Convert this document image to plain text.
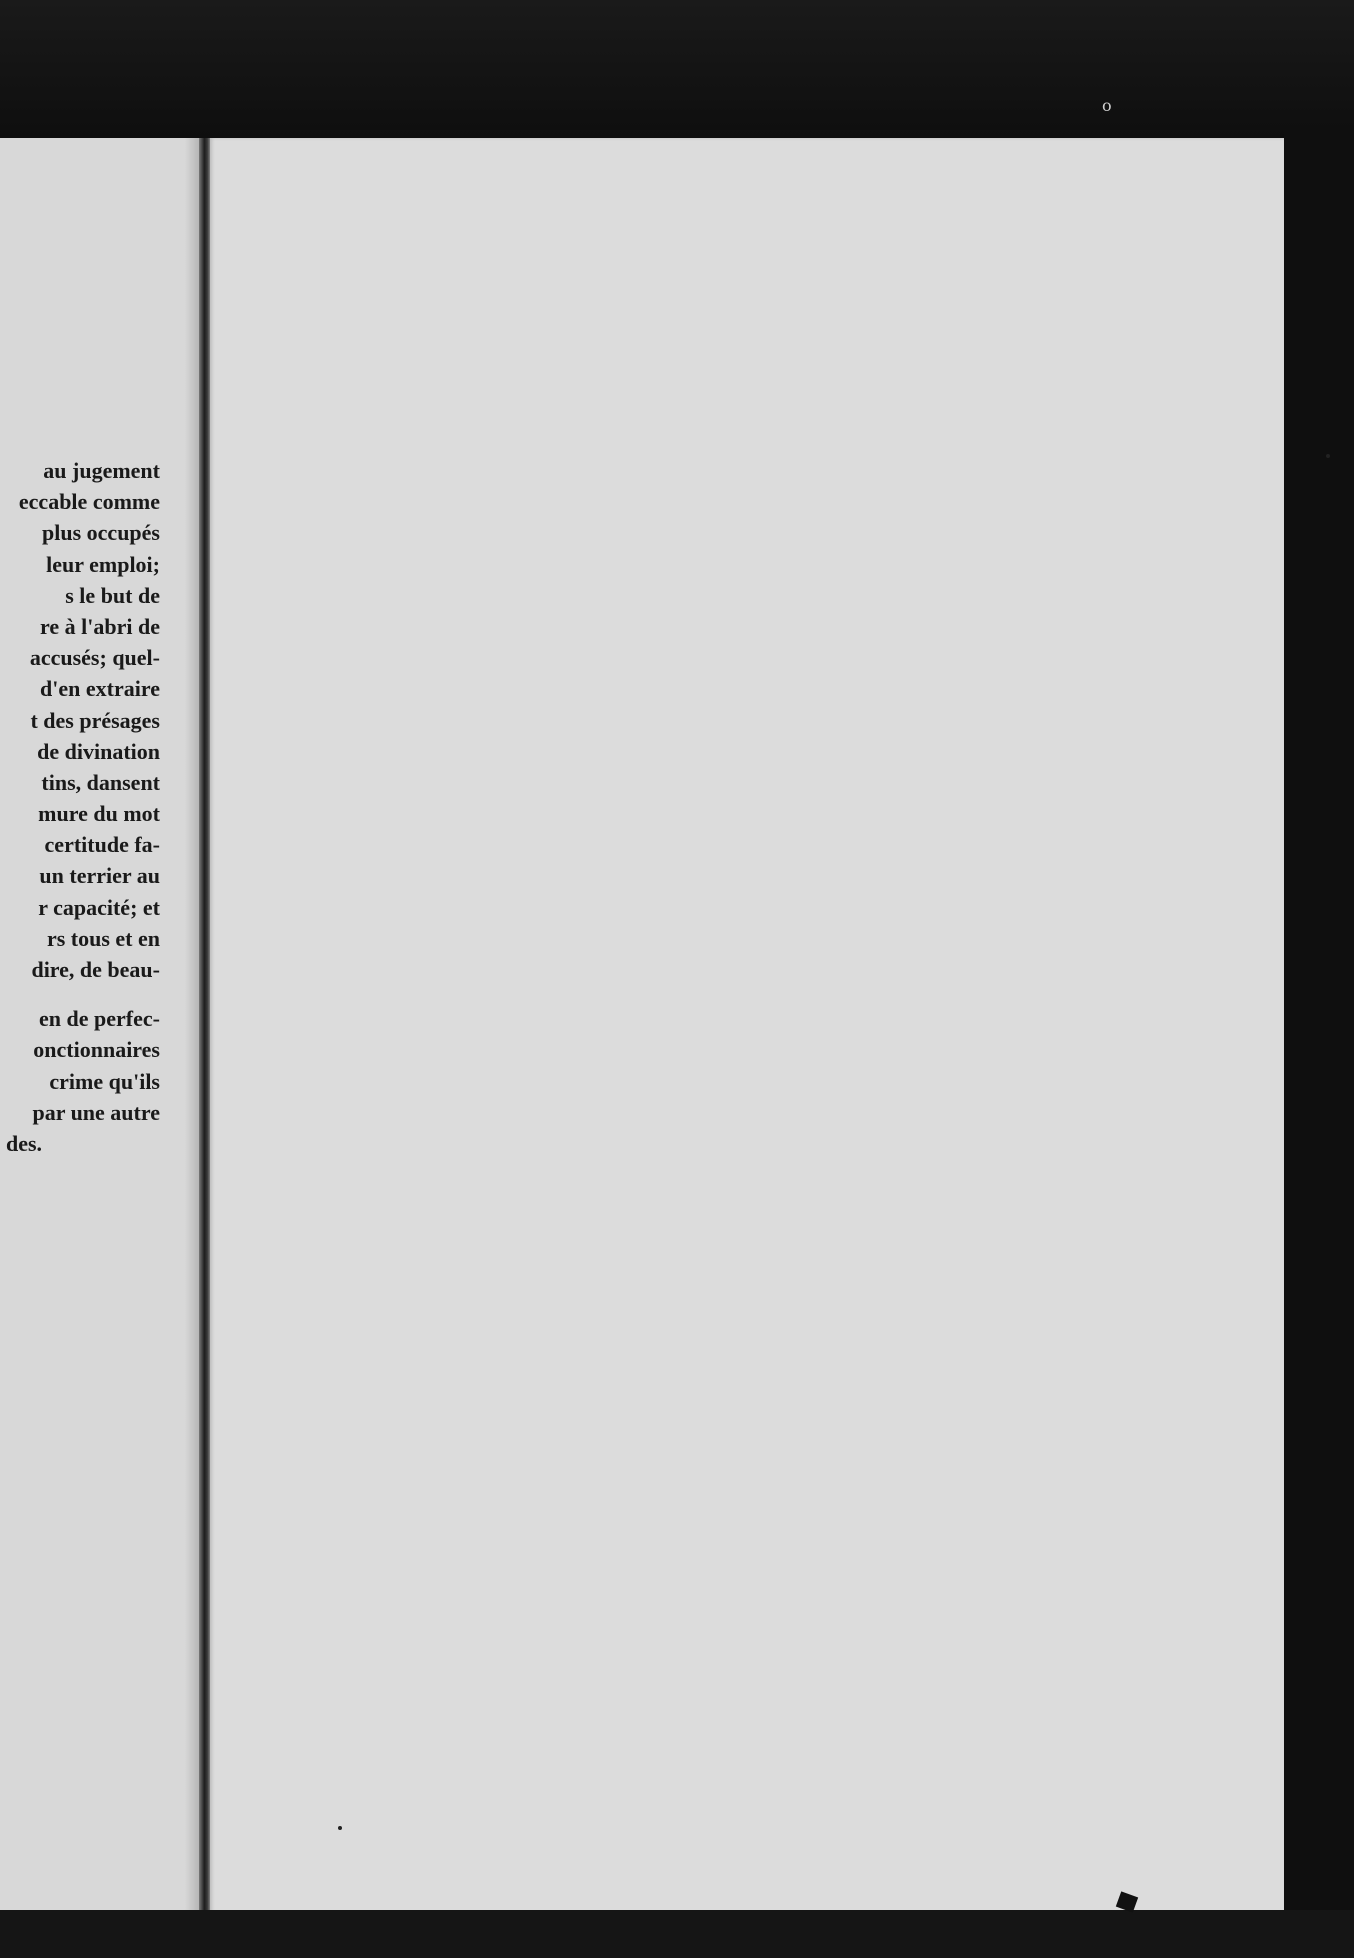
o
au jugement
eccable comme
plus occupés
leur emploi;
s le but de
re à l'abri de
accusés; quel-
d'en extraire
t des présages
de divination
tins, dansent
mure du mot
certitude fa-
un terrier au
r capacité; et
rs tous et en
dire, de beau-
en de perfec-
onctionnaires
crime qu'ils
par une autre
des.
